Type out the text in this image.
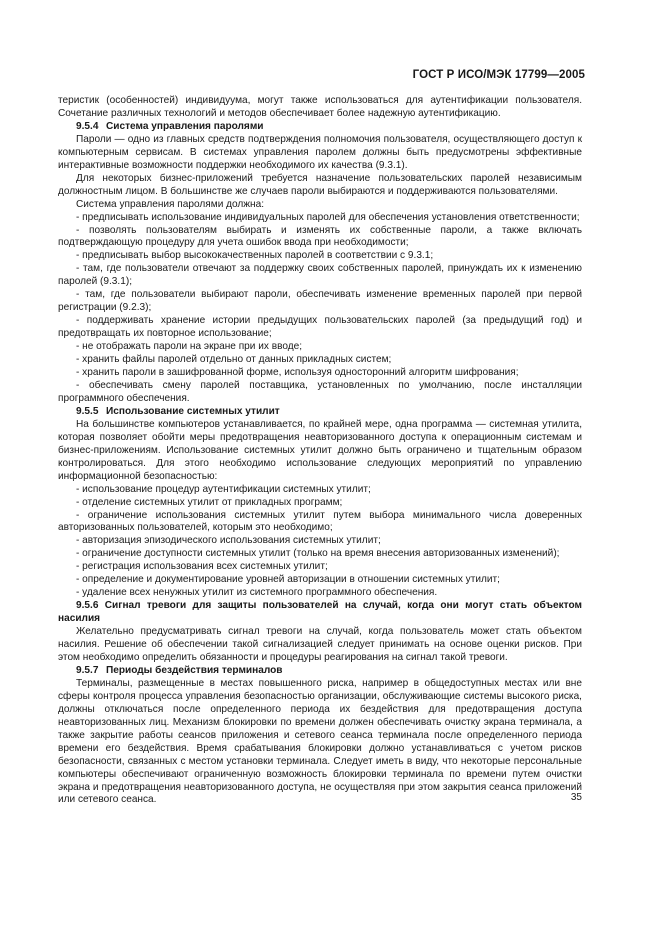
ГОСТ Р ИСО/МЭК 17799—2005

теристик (особенностей) индивидуума, могут также использоваться для аутентификации пользователя. Сочетание различных технологий и методов обеспечивает более надежную аутентификацию.

9.5.4 Система управления паролями

Пароли — одно из главных средств подтверждения полномочия пользователя, осуществляющего доступ к компьютерным сервисам. В системах управления паролем должны быть предусмотрены эффективные интерактивные возможности поддержки необходимого их качества (9.3.1).

Для некоторых бизнес-приложений требуется назначение пользовательских паролей независимым должностным лицом. В большинстве же случаев пароли выбираются и поддерживаются пользователями.

Система управления паролями должна:

- предписывать использование индивидуальных паролей для обеспечения установления ответственности;

- позволять пользователям выбирать и изменять их собственные пароли, а также включать подтверждающую процедуру для учета ошибок ввода при необходимости;

- предписывать выбор высококачественных паролей в соответствии с 9.3.1;

- там, где пользователи отвечают за поддержку своих собственных паролей, принуждать их к изменению паролей (9.3.1);

- там, где пользователи выбирают пароли, обеспечивать изменение временных паролей при первой регистрации (9.2.3);

- поддерживать хранение истории предыдущих пользовательских паролей (за предыдущий год) и предотвращать их повторное использование;

- не отображать пароли на экране при их вводе;

- хранить файлы паролей отдельно от данных прикладных систем;

- хранить пароли в зашифрованной форме, используя односторонний алгоритм шифрования;

- обеспечивать смену паролей поставщика, установленных по умолчанию, после инсталляции программного обеспечения.

9.5.5 Использование системных утилит

На большинстве компьютеров устанавливается, по крайней мере, одна программа — системная утилита, которая позволяет обойти меры предотвращения неавторизованного доступа к операционным системам и бизнес-приложениям. Использование системных утилит должно быть ограничено и тщательным образом контролироваться. Для этого необходимо использование следующих мероприятий по управлению информационной безопасностью:

- использование процедур аутентификации системных утилит;

- отделение системных утилит от прикладных программ;

- ограничение использования системных утилит путем выбора минимального числа доверенных авторизованных пользователей, которым это необходимо;

- авторизация эпизодического использования системных утилит;

- ограничение доступности системных утилит (только на время внесения авторизованных изменений);

- регистрация использования всех системных утилит;

- определение и документирование уровней авторизации в отношении системных утилит;

- удаление всех ненужных утилит из системного программного обеспечения.

9.5.6 Сигнал тревоги для защиты пользователей на случай, когда они могут стать объектом насилия

Желательно предусматривать сигнал тревоги на случай, когда пользователь может стать объектом насилия. Решение об обеспечении такой сигнализацией следует принимать на основе оценки рисков. При этом необходимо определить обязанности и процедуры реагирования на сигнал такой тревоги.

9.5.7 Периоды бездействия терминалов

Терминалы, размещенные в местах повышенного риска, например в общедоступных местах или вне сферы контроля процесса управления безопасностью организации, обслуживающие системы высокого риска, должны отключаться после определенного периода их бездействия для предотвращения доступа неавторизованных лиц. Механизм блокировки по времени должен обеспечивать очистку экрана терминала, а также закрытие работы сеансов приложения и сетевого сеанса терминала после определенного периода времени его бездействия. Время срабатывания блокировки должно устанавливаться с учетом рисков безопасности, связанных с местом установки терминала. Следует иметь в виду, что некоторые персональные компьютеры обеспечивают ограниченную возможность блокировки терминала по времени путем очистки экрана и предотвращения неавторизованного доступа, не осуществляя при этом закрытия сеанса приложений или сетевого сеанса.	35
